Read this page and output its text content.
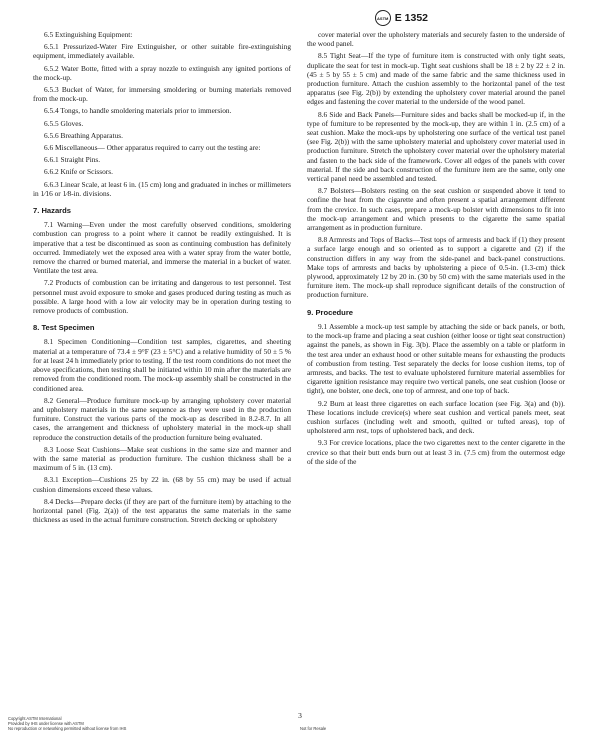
ASTM E 1352

6.5 Extinguishing Equipment:

6.5.1 Pressurized-Water Fire Extinguisher, or other suitable fire-extinguishing equipment, immediately available.

6.5.2 Water Botte, fitted with a spray nozzle to extinguish any ignited portions of the mock-up.

6.5.3 Bucket of Water, for immersing smoldering or burning materials removed from the mock-up.

6.5.4 Tongs, to handle smoldering materials prior to immersion.

6.5.5 Gloves.

6.5.6 Breathing Apparatus.

6.6 Miscellaneous— Other apparatus required to carry out the testing are:

6.6.1 Straight Pins.

6.6.2 Knife or Scissors.

6.6.3 Linear Scale, at least 6 in. (15 cm) long and graduated in inches or millimeters in 1⁄16 or 1⁄8-in. divisions.

7. Hazards

7.1 Warning—Even under the most carefully observed conditions, smoldering combustion can progress to a point where it cannot be readily extinguished. It is imperative that a test be discontinued as soon as continuing combustion has definitely occurred. Immediately wet the exposed area with a water spray from the water bottle, remove the charred or burned material, and immerse the material in a bucket of water. Ventilate the test area.

7.2 Products of combustion can be irritating and dangerous to test personnel. Test personnel must avoid exposure to smoke and gases produced during testing as much as possible. A large hood with a low air velocity may be in operation during testing to remove products of combustion.

8. Test Specimen

8.1 Specimen Conditioning—Condition test samples, cigarettes, and sheeting material at a temperature of 73.4 ± 9°F (23 ± 5°C) and a relative humidity of 50 ± 5 % for at least 24 h immediately prior to testing. If the test room conditions do not meet the above specifications, then testing shall be initiated within 10 min after the materials are removed from the conditioned room. The mock-up assembly shall be constructed in the conditioned area.

8.2 General—Produce furniture mock-up by arranging upholstery cover material and upholstery materials in the same sequence as they were used in the production furniture. Construct the various parts of the mock-up as described in 8.2-8.7. In all cases, the arrangement and thickness of upholstery material in the mock-up shall reproduce the construction details of the production furniture being evaluated.

8.3 Loose Seat Cushions—Make seat cushions in the same size and manner and with the same material as production furniture. The cushion thickness shall be a maximum of 5 in. (13 cm).

8.3.1 Exception—Cushions 25 by 22 in. (68 by 55 cm) may be used if actual cushion dimensions exceed these values.

8.4 Decks—Prepare decks (if they are part of the furniture item) by attaching to the horizontal panel (Fig. 2(a)) of the test apparatus the same materials in the same thickness as used in the actual furniture construction. Stretch decking or upholstery

cover material over the upholstery materials and securely fasten to the underside of the wood panel.

8.5 Tight Seat—If the type of furniture item is constructed with only tight seats, duplicate the seat for test in mock-up. Tight seat cushions shall be 18 ± 2 by 22 ± 2 in. (45 ± 5 by 55 ± 5 cm) and made of the same fabric and the same thickness used in production furniture. Attach the cushion assembly to the horizontal panel of the test apparatus (see Fig. 2(b)) by extending the upholstery cover material around the panel edges and fastening the cover material to the underside of the wood panel.

8.6 Side and Back Panels—Furniture sides and backs shall be mocked-up if, in the type of furniture to be represented by the mock-up, they are within 1 in. (2.5 cm) of a seat cushion. Make the mock-ups by upholstering one surface of the vertical test panel (see Fig. 2(b)) with the same upholstery material and upholstery cover material used in production furniture. Stretch the upholstery cover material over the upholstery material and fasten to the back side of the framework. Cover all edges of the panels with cover material. If the side and back construction of the furniture item are the same, only one vertical panel need be assembled and tested.

8.7 Bolsters—Bolsters resting on the seat cushion or suspended above it tend to confine the heat from the cigarette and often present a spatial arrangement different from the crevice. In such cases, prepare a mock-up bolster with dimensions to fit into the mock-up arrangement and which presents to the cigarette the same spatial arrangement as in production furniture.

8.8 Armrests and Tops of Backs—Test tops of armrests and back if (1) they present a surface large enough and so oriented as to support a cigarette and (2) if the construction differs in any way from the side-panel and back-panel constructions. Make tops of armrests and backs by upholstering a piece of 0.5-in. (1.3-cm) thick plywood, approximately 12 by 20 in. (30 by 50 cm) with the same materials used in the furniture item. The mock-up shall reproduce significant details of the construction of production furniture.

9. Procedure

9.1 Assemble a mock-up test sample by attaching the side or back panels, or both, to the mock-up frame and placing a seat cushion (either loose or tight seat construction) against the panels, as shown in Fig. 3(b). Place the assembly on a table or platform in the test area under an exhaust hood or other suitable means for exhausting the products of combustion from testing. Test separately the decks for loose cushion items, top of armrests, and backs. The test to evaluate upholstered furniture material assemblies for cigarette ignition resistance may require two vertical panels, one seat cushion (loose or tight), one bolster, one deck, one top of armrest, and one top of back.

9.2 Burn at least three cigarettes on each surface location (see Fig. 3(a) and (b)). These locations include crevice(s) where seat cushion and vertical panels meet, seat cushion surfaces (including welt and smooth, quilted or tufted areas), top of upholstered arm rest, tops of upholstered back, and deck.

9.3 For crevice locations, place the two cigarettes next to the center cigarette in the crevice so that their butt ends burn out at least 3 in. (7.5 cm) from the outermost edge of the side of the

3
Copyright ASTM International
Provided by IHS under license with ASTM
No reproduction or networking permitted without license from IHS	Not for Resale
